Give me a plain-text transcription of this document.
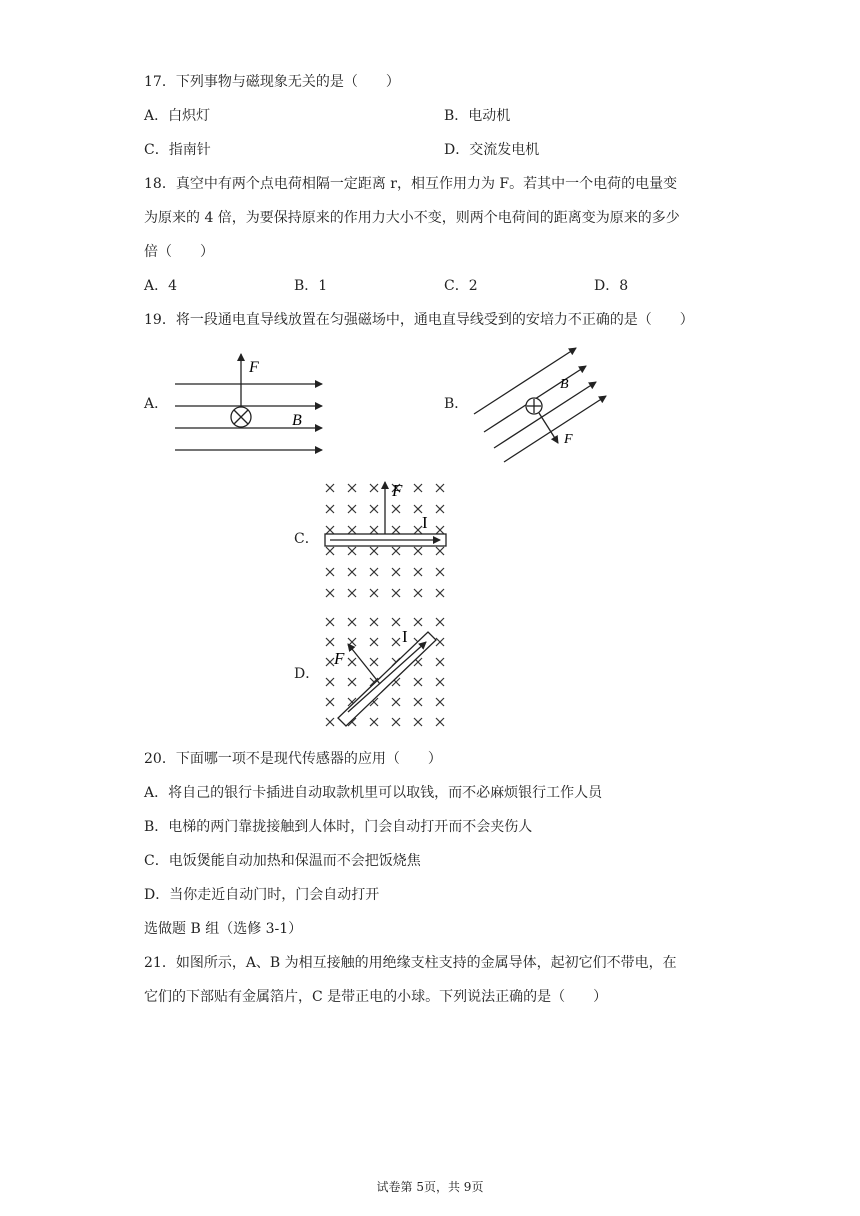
17．下列事物与磁现象无关的是（　　）
A．白炽灯	B．电动机
C．指南针	D．交流发电机
18．真空中有两个点电荷相隔一定距离 r，相互作用力为 F。若其中一个电荷的电量变
为原来的 4 倍，为要保持原来的作用力大小不变，则两个电荷间的距离变为原来的多少
倍（　　）
A．4	B．1	C．2	D．8
19．将一段通电直导线放置在匀强磁场中，通电直导线受到的安培力不正确的是（　　）
A．	B．
C．
D．
F
B
B
F
F
I
F
I
20．下面哪一项不是现代传感器的应用（　　）
A．将自己的银行卡插进自动取款机里可以取钱，而不必麻烦银行工作人员
B．电梯的两门靠拢接触到人体时，门会自动打开而不会夹伤人
C．电饭煲能自动加热和保温而不会把饭烧焦
D．当你走近自动门时，门会自动打开
选做题 B 组（选修 3-1）
21．如图所示，A、B 为相互接触的用绝缘支柱支持的金属导体，起初它们不带电，在
它们的下部贴有金属箔片，C 是带正电的小球。下列说法正确的是（　　）
试卷第 5页，共 9页
